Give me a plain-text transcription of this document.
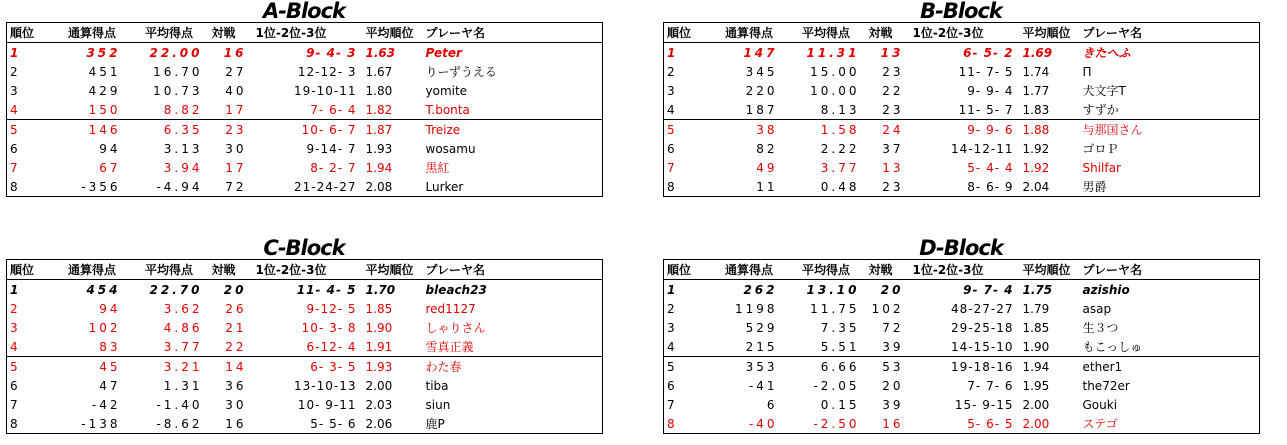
A-Block
順位	通算得点	平均得点	対戦	1位-2位-3位	平均順位	プレーヤ名
1	352	22.00	16	9- 4- 3	1.63	Peter
2	451	16.70	27	12-12- 3	1.67	りーずうえる
3	429	10.73	40	19-10-11	1.80	yomite
4	150	8.82	17	7- 6- 4	1.82	T.bonta
5	146	6.35	23	10- 6- 7	1.87	Treize
6	94	3.13	30	9-14- 7	1.93	wosamu
7	67	3.94	17	8- 2- 7	1.94	黒紅
8	-356	-4.94	72	21-24-27	2.08	Lurker
B-Block
順位	通算得点	平均得点	対戦	1位-2位-3位	平均順位	プレーヤ名
1	147	11.31	13	6- 5- 2	1.69	きたへふ
2	345	15.00	23	11- 7- 5	1.74	П
3	220	10.00	22	9- 9- 4	1.77	犬文字T
4	187	8.13	23	11- 5- 7	1.83	すずか
5	38	1.58	24	9- 9- 6	1.88	与那国さん
6	82	2.22	37	14-12-11	1.92	ゴロＰ
7	49	3.77	13	5- 4- 4	1.92	Shilfar
8	11	0.48	23	8- 6- 9	2.04	男爵
C-Block
順位	通算得点	平均得点	対戦	1位-2位-3位	平均順位	プレーヤ名
1	454	22.70	20	11- 4- 5	1.70	bleach23
2	94	3.62	26	9-12- 5	1.85	red1127
3	102	4.86	21	10- 3- 8	1.90	しゃりさん
4	83	3.77	22	6-12- 4	1.91	雪真正義
5	45	3.21	14	6- 3- 5	1.93	わた春
6	47	1.31	36	13-10-13	2.00	tiba
7	-42	-1.40	30	10- 9-11	2.03	siun
8	-138	-8.62	16	5- 5- 6	2.06	鹿P
D-Block
順位	通算得点	平均得点	対戦	1位-2位-3位	平均順位	プレーヤ名
1	262	13.10	20	9- 7- 4	1.75	azishio
2	1198	11.75	102	48-27-27	1.79	asap
3	529	7.35	72	29-25-18	1.85	生３つ
4	215	5.51	39	14-15-10	1.90	もこっしゅ
5	353	6.66	53	19-18-16	1.94	ether1
6	-41	-2.05	20	7- 7- 6	1.95	the72er
7	6	0.15	39	15- 9-15	2.00	Gouki
8	-40	-2.50	16	5- 6- 5	2.00	ステゴ
